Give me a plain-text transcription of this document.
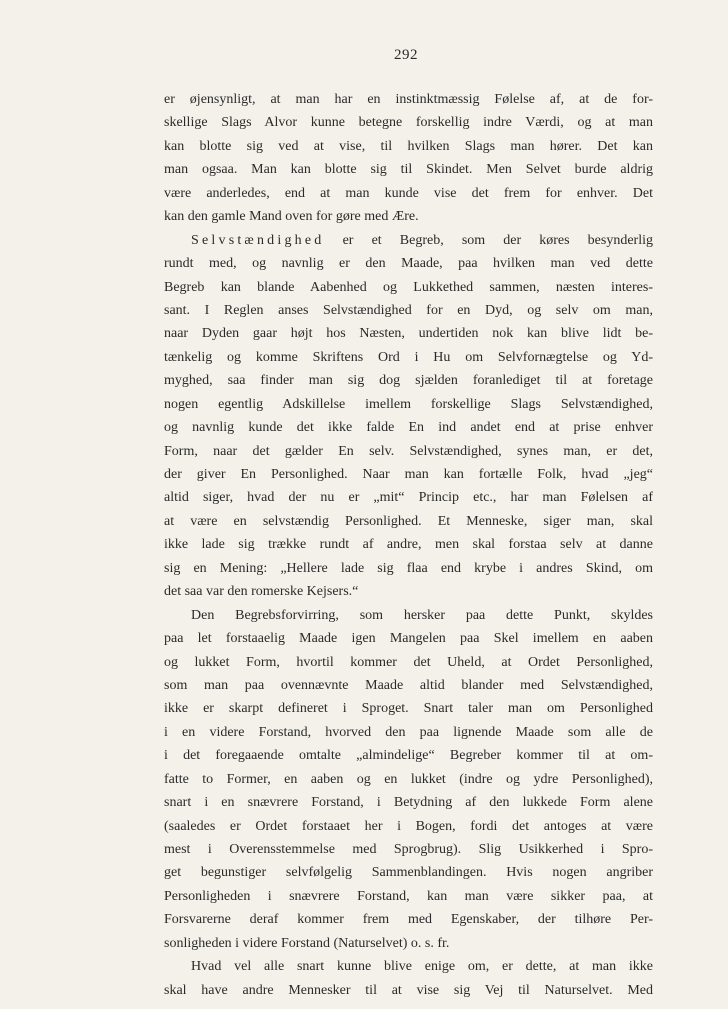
292
er øjensynligt, at man har en instinktmæssig Følelse af, at de for-
skellige Slags Alvor kunne betegne forskellig indre Værdi, og at man
kan blotte sig ved at vise, til hvilken Slags man hører. Det kan
man ogsaa. Man kan blotte sig til Skindet. Men Selvet burde aldrig
være anderledes, end at man kunde vise det frem for enhver. Det
kan den gamle Mand oven for gøre med Ære.
Selvstændighed er et Begreb, som der køres besynderlig
rundt med, og navnlig er den Maade, paa hvilken man ved dette
Begreb kan blande Aabenhed og Lukkethed sammen, næsten interes-
sant. I Reglen anses Selvstændighed for en Dyd, og selv om man,
naar Dyden gaar højt hos Næsten, undertiden nok kan blive lidt be-
tænkelig og komme Skriftens Ord i Hu om Selvfornægtelse og Yd-
myghed, saa finder man sig dog sjælden foranlediget til at foretage
nogen egentlig Adskillelse imellem forskellige Slags Selvstændighed,
og navnlig kunde det ikke falde En ind andet end at prise enhver
Form, naar det gælder En selv. Selvstændighed, synes man, er det,
der giver En Personlighed. Naar man kan fortælle Folk, hvad „jeg“
altid siger, hvad der nu er „mit“ Princip etc., har man Følelsen af
at være en selvstændig Personlighed. Et Menneske, siger man, skal
ikke lade sig trække rundt af andre, men skal forstaa selv at danne
sig en Mening: „Hellere lade sig flaa end krybe i andres Skind, om
det saa var den romerske Kejsers.“
Den Begrebsforvirring, som hersker paa dette Punkt, skyldes
paa let forstaaelig Maade igen Mangelen paa Skel imellem en aaben
og lukket Form, hvortil kommer det Uheld, at Ordet Personlighed,
som man paa ovennævnte Maade altid blander med Selvstændighed,
ikke er skarpt defineret i Sproget. Snart taler man om Personlighed
i en videre Forstand, hvorved den paa lignende Maade som alle de
i det foregaaende omtalte „almindelige“ Begreber kommer til at om-
fatte to Former, en aaben og en lukket (indre og ydre Personlighed),
snart i en snævrere Forstand, i Betydning af den lukkede Form alene
(saaledes er Ordet forstaaet her i Bogen, fordi det antoges at være
mest i Overensstemmelse med Sprogbrug). Slig Usikkerhed i Spro-
get begunstiger selvfølgelig Sammenblandingen. Hvis nogen angriber
Personligheden i snævrere Forstand, kan man være sikker paa, at
Forsvarerne deraf kommer frem med Egenskaber, der tilhøre Per-
sonligheden i videre Forstand (Naturselvet) o. s. fr.
Hvad vel alle snart kunne blive enige om, er dette, at man ikke
skal have andre Mennesker til at vise sig Vej til Naturselvet. Med
